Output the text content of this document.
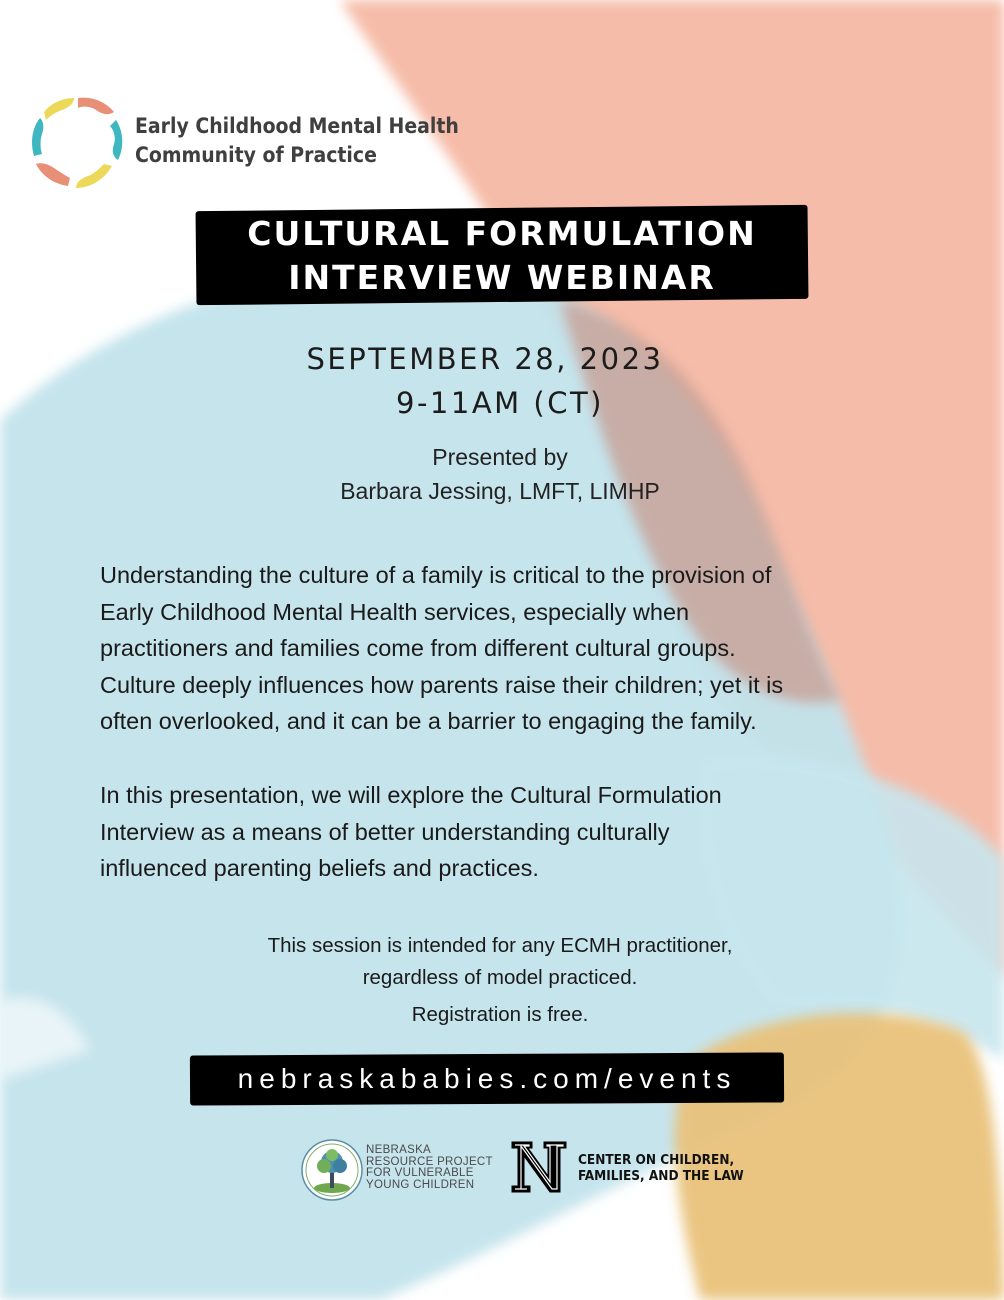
Early Childhood Mental Health
Community of Practice
CULTURAL FORMULATION
INTERVIEW WEBINAR
SEPTEMBER 28, 2023
9-11AM (CT)
Presented by
Barbara Jessing, LMFT, LIMHP
Understanding the culture of a family is critical to the provision of
Early Childhood Mental Health services, especially when
practitioners and families come from different cultural groups.
Culture deeply influences how parents raise their children; yet it is
often overlooked, and it can be a barrier to engaging the family.
In this presentation, we will explore the Cultural Formulation
Interview as a means of better understanding culturally
influenced parenting beliefs and practices.
This session is intended for any ECMH practitioner,
regardless of model practiced.
Registration is free.
nebraskababies.com/events
NEBRASKA
RESOURCE PROJECT
FOR VULNERABLE
YOUNG CHILDREN
CENTER ON CHILDREN,
FAMILIES, AND THE LAW
